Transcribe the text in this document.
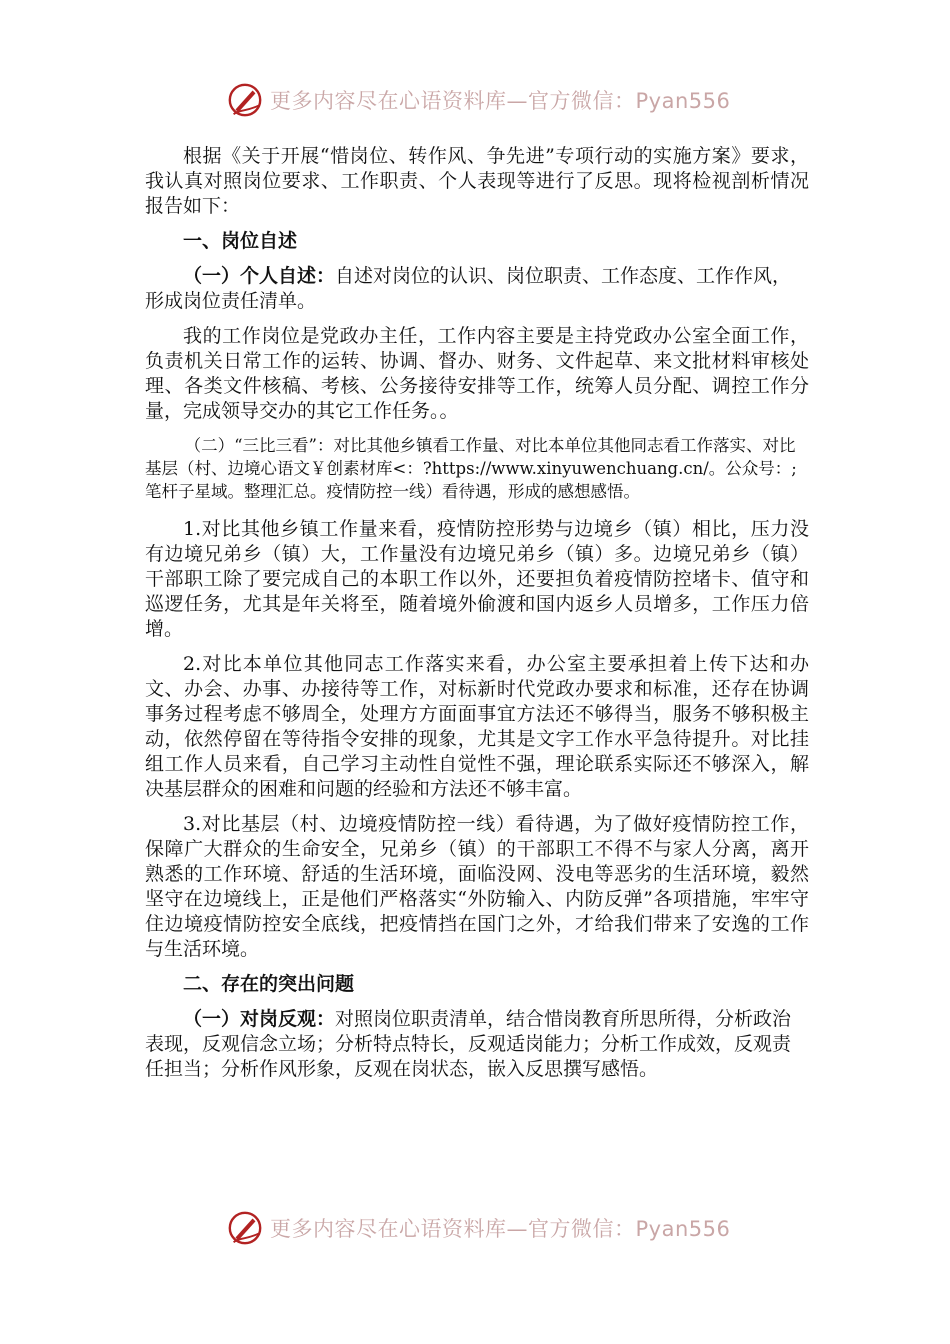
更多内容尽在心语资料库—官方微信：Pyan556

根据《关于开展“惜岗位、转作风、争先进”专项行动的实施方案》要求，我认真对照岗位要求、工作职责、个人表现等进行了反思。现将检视剖析情况报告如下：

一、岗位自述

（一）个人自述：自述对岗位的认识、岗位职责、工作态度、工作作风，形成岗位责任清单。

我的工作岗位是党政办主任，工作内容主要是主持党政办公室全面工作，负责机关日常工作的运转、协调、督办、财务、文件起草、来文批材料审核处理、各类文件核稿、考核、公务接待安排等工作，统筹人员分配、调控工作分量，完成领导交办的其它工作任务。。

（二）“三比三看”：对比其他乡镇看工作量、对比本单位其他同志看工作落实、对比基层（村、边境心语文￥创素材库<：?https://www.xinyuwenchuang.cn/。公众号：;笔杆子星域。整理汇总。疫情防控一线）看待遇，形成的感想感悟。

1.对比其他乡镇工作量来看，疫情防控形势与边境乡（镇）相比，压力没有边境兄弟乡（镇）大，工作量没有边境兄弟乡（镇）多。边境兄弟乡（镇）干部职工除了要完成自己的本职工作以外，还要担负着疫情防控堵卡、值守和巡逻任务，尤其是年关将至，随着境外偷渡和国内返乡人员增多，工作压力倍增。

2.对比本单位其他同志工作落实来看，办公室主要承担着上传下达和办文、办会、办事、办接待等工作，对标新时代党政办要求和标准，还存在协调事务过程考虑不够周全，处理方方面面事宜方法还不够得当，服务不够积极主动，依然停留在等待指令安排的现象，尤其是文字工作水平急待提升。对比挂组工作人员来看，自己学习主动性自觉性不强，理论联系实际还不够深入，解决基层群众的困难和问题的经验和方法还不够丰富。

3.对比基层（村、边境疫情防控一线）看待遇，为了做好疫情防控工作，保障广大群众的生命安全，兄弟乡（镇）的干部职工不得不与家人分离，离开熟悉的工作环境、舒适的生活环境，面临没网、没电等恶劣的生活环境，毅然坚守在边境线上，正是他们严格落实“外防输入、内防反弹”各项措施，牢牢守住边境疫情防控安全底线，把疫情挡在国门之外，才给我们带来了安逸的工作与生活环境。

二、存在的突出问题

（一）对岗反观：对照岗位职责清单，结合惜岗教育所思所得，分析政治表现，反观信念立场；分析特点特长，反观适岗能力；分析工作成效，反观责任担当；分析作风形象，反观在岗状态，嵌入反思撰写感悟。

更多内容尽在心语资料库—官方微信：Pyan556
